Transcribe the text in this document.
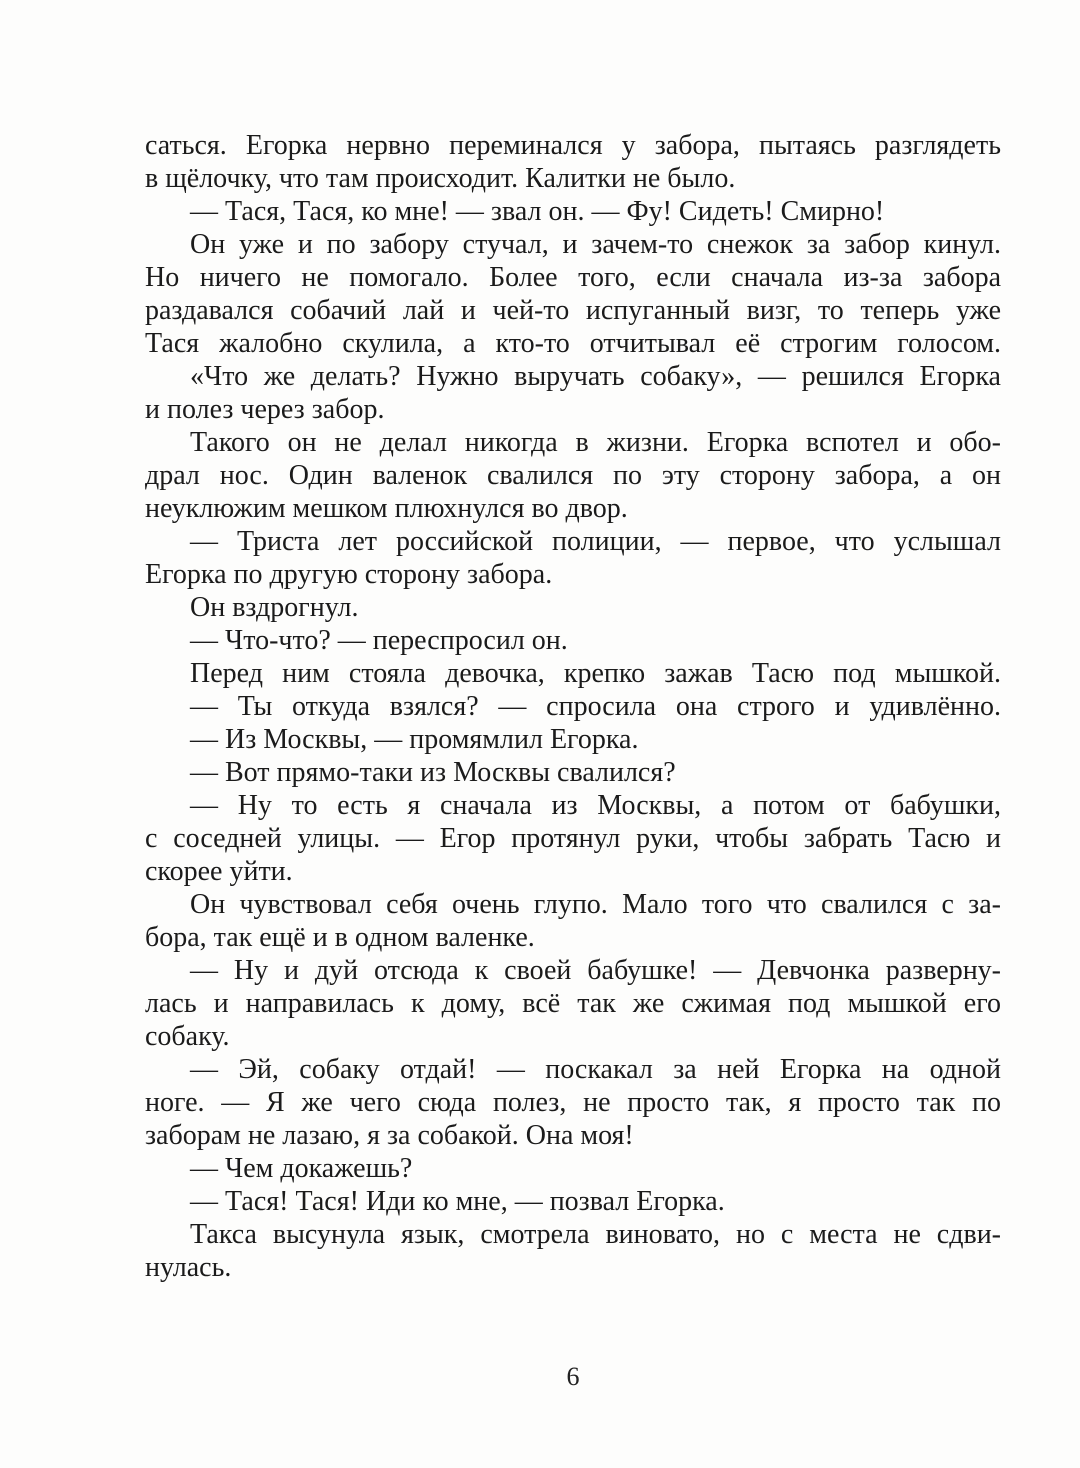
саться. Егорка нервно переминался у забора, пытаясь разглядеть
в щёлочку, что там происходит. Калитки не было.
— Тася, Тася, ко мне! — звал он. — Фу! Сидеть! Смирно!
Он уже и по забору стучал, и зачем-то снежок за забор кинул.
Но ничего не помогало. Более того, если сначала из-за забора
раздавался собачий лай и чей-то испуганный визг, то теперь уже
Тася жалобно скулила, а кто-то отчитывал её строгим голосом.
«Что же делать? Нужно выручать собаку», — решился Егорка
и полез через забор.
Такого он не делал никогда в жизни. Егорка вспотел и обо-
драл нос. Один валенок свалился по эту сторону забора, а он
неуклюжим мешком плюхнулся во двор.
— Триста лет российской полиции, — первое, что услышал
Егорка по другую сторону забора.
Он вздрогнул.
— Что-что? — переспросил он.
Перед ним стояла девочка, крепко зажав Тасю под мышкой.
— Ты откуда взялся? — спросила она строго и удивлённо.
— Из Москвы, — промямлил Егорка.
— Вот прямо-таки из Москвы свалился?
— Ну то есть я сначала из Москвы, а потом от бабушки,
с соседней улицы. — Егор протянул руки, чтобы забрать Тасю и
скорее уйти.
Он чувствовал себя очень глупо. Мало того что свалился с за-
бора, так ещё и в одном валенке.
— Ну и дуй отсюда к своей бабушке! — Девчонка разверну-
лась и направилась к дому, всё так же сжимая под мышкой его
собаку.
— Эй, собаку отдай! — поскакал за ней Егорка на одной
ноге. — Я же чего сюда полез, не просто так, я просто так по
заборам не лазаю, я за собакой. Она моя!
— Чем докажешь?
— Тася! Тася! Иди ко мне, — позвал Егорка.
Такса высунула язык, смотрела виновато, но с места не сдви-
нулась.
6
